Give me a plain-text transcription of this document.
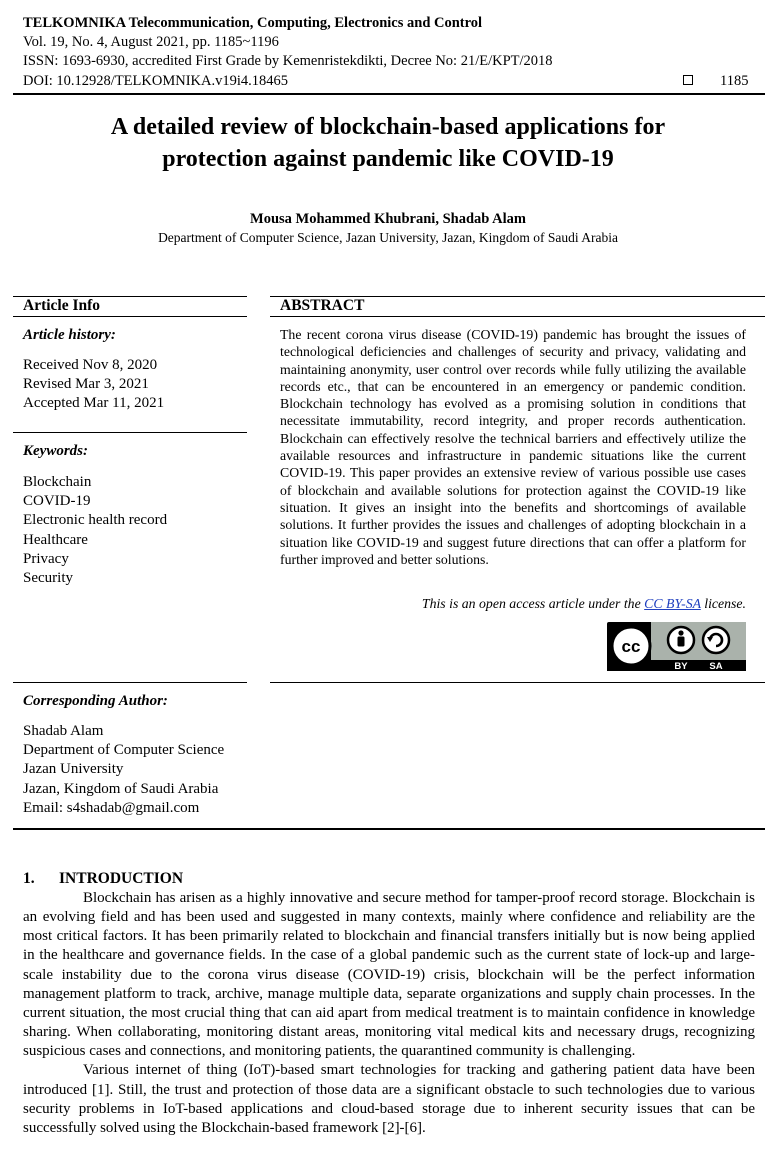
TELKOMNIKA Telecommunication, Computing, Electronics and Control
Vol. 19, No. 4, August 2021, pp. 1185~1196
ISSN: 1693-6930, accredited First Grade by Kemenristekdikti, Decree No: 21/E/KPT/2018
DOI: 10.12928/TELKOMNIKA.v19i4.18465	1185
A detailed review of blockchain-based applications for
protection against pandemic like COVID-19
Mousa Mohammed Khubrani, Shadab Alam
Department of Computer Science, Jazan University, Jazan, Kingdom of Saudi Arabia
Article Info
Article history:
Received Nov 8, 2020
Revised Mar 3, 2021
Accepted Mar 11, 2021
Keywords:
Blockchain
COVID-19
Electronic health record
Healthcare
Privacy
Security
ABSTRACT

The recent corona virus disease (COVID-19) pandemic has brought the issues of technological deficiencies and challenges of security and privacy, validating and maintaining anonymity, user control over records while fully utilizing the available records etc., that can be encountered in an emergency or pandemic condition. Blockchain technology has evolved as a promising solution in conditions that necessitate immutability, record integrity, and proper records authentication. Blockchain can effectively resolve the technical barriers and effectively utilize the available resources and infrastructure in pandemic situations like the current COVID-19. This paper provides an extensive review of various possible use cases of blockchain and available solutions for protection against the COVID-19 like situation. It gives an insight into the benefits and shortcomings of available solutions. It further provides the issues and challenges of adopting blockchain in a situation like COVID-19 and suggest future directions that can offer a platform for further improved and better solutions.

This is an open access article under the CC BY-SA license.
cc
BY SA
Corresponding Author:
Shadab Alam
Department of Computer Science
Jazan University
Jazan, Kingdom of Saudi Arabia
Email: s4shadab@gmail.com
1. INTRODUCTION

Blockchain has arisen as a highly innovative and secure method for tamper-proof record storage. Blockchain is an evolving field and has been used and suggested in many contexts, mainly where confidence and reliability are the most critical factors. It has been primarily related to blockchain and financial transfers initially but is now being applied in the healthcare and governance fields. In the case of a global pandemic such as the current state of lock-up and large-scale instability due to the corona virus disease (COVID-19) crisis, blockchain will be the perfect information management platform to track, archive, manage multiple data, separate organizations and supply chain processes. In the current situation, the most crucial thing that can aid apart from medical treatment is to maintain confidence in knowledge sharing. When collaborating, monitoring distant areas, monitoring vital medical kits and necessary drugs, recognizing suspicious cases and connections, and monitoring patients, the quarantined community is challenging.

Various internet of thing (IoT)-based smart technologies for tracking and gathering patient data have been introduced [1]. Still, the trust and protection of those data are a significant obstacle to such technologies due to various security problems in IoT-based applications and cloud-based storage due to inherent security issues that can be successfully solved using the Blockchain-based framework [2]-[6].
